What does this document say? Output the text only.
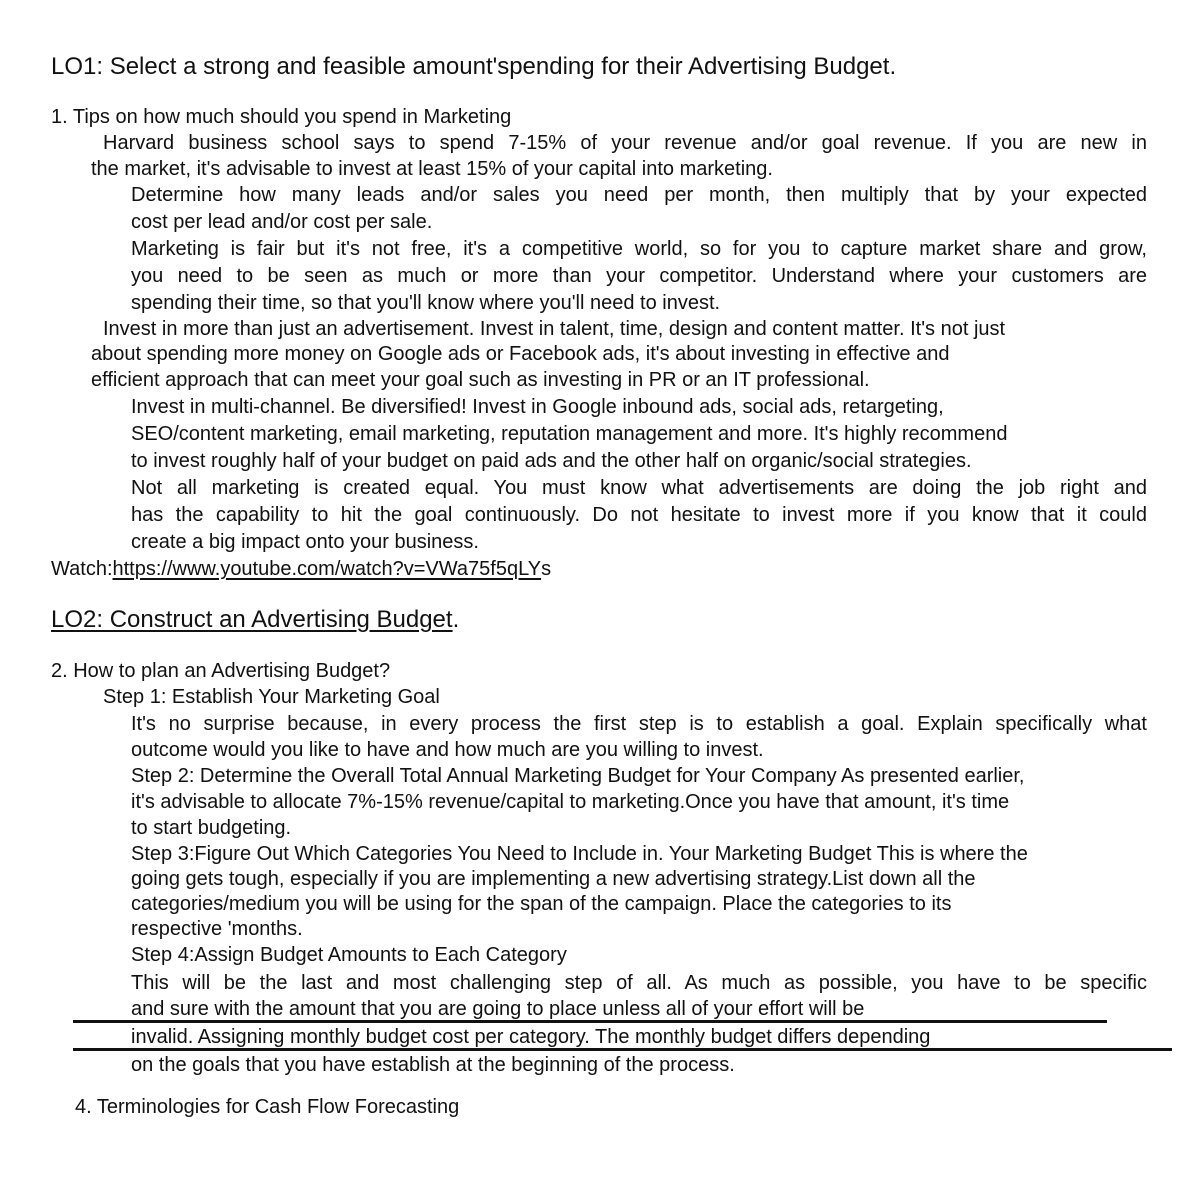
LO1: Select a strong and feasible amount'spending for their Advertising Budget.
1. Tips on how much should you spend in Marketing
Harvard business school says to spend 7-15% of your revenue and/or goal revenue. If you are new in
the market, it's advisable to invest at least 15% of your capital into marketing.
Determine how many leads and/or sales you need per month, then multiply that by your expected
cost per lead and/or cost per sale.
Marketing is fair but it's not free, it's a competitive world, so for you to capture market share and grow,
you need to be seen as much or more than your competitor. Understand where your customers are
spending their time, so that you'll know where you'll need to invest.
Invest in more than just an advertisement. Invest in talent, time, design and content matter. It's not just
about spending more money on Google ads or Facebook ads, it's about investing in effective and
efficient approach that can meet your goal such as investing in PR or an IT professional.
Invest in multi-channel. Be diversified! Invest in Google inbound ads, social ads, retargeting,
SEO/content marketing, email marketing, reputation management and more. It's highly recommend
to invest roughly half of your budget on paid ads and the other half on organic/social strategies.
Not all marketing is created equal. You must know what advertisements are doing the job right and
has the capability to hit the goal continuously. Do not hesitate to invest more if you know that it could
create a big impact onto your business.
Watch:https://www.youtube.com/watch?v=VWa75f5qLYs
LO2: Construct an Advertising Budget.
2. How to plan an Advertising Budget?
Step 1: Establish Your Marketing Goal
It's no surprise because, in every process the first step is to establish a goal. Explain specifically what
outcome would you like to have and how much are you willing to invest.
Step 2: Determine the Overall Total Annual Marketing Budget for Your Company As presented earlier,
it's advisable to allocate 7%-15% revenue/capital to marketing.Once you have that amount, it's time
to start budgeting.
Step 3:Figure Out Which Categories You Need to Include in. Your Marketing Budget This is where the
going gets tough, especially if you are implementing a new advertising strategy.List down all the
categories/medium you will be using for the span of the campaign. Place the categories to its
respective 'months.
Step 4:Assign Budget Amounts to Each Category
This will be the last and most challenging step of all. As much as possible, you have to be specific
and sure with the amount that you are going to place unless all of your effort will be
invalid. Assigning monthly budget cost per category. The monthly budget differs depending
on the goals that you have establish at the beginning of the process.
4. Terminologies for Cash Flow Forecasting
